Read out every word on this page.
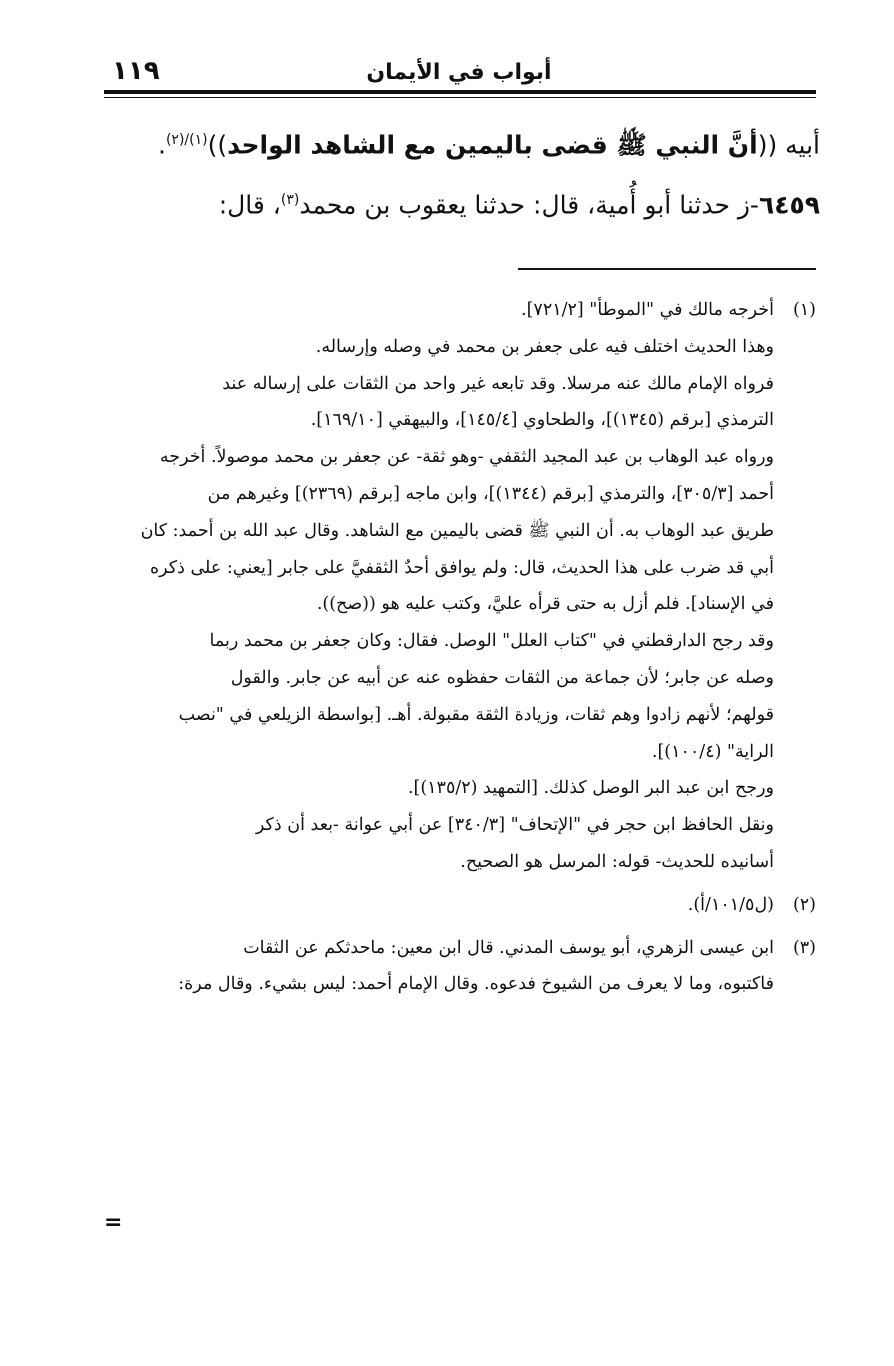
١١٩	أبواب في الأيمان

أبيه ((أنَّ النبي ﷺ قضى باليمين مع الشاهد الواحد))$^{(١)/(٢)}$.

٦٤٥٩-ز حدثنا أبو أُمية، قال: حدثنا يعقوب بن محمد$^{(٣)}$، قال:

(١)أخرجه مالك في "الموطأ" [٧٢١/٢].
وهذا الحديث اختلف فيه على جعفر بن محمد في وصله وإرساله.
فرواه الإمام مالك عنه مرسلا. وقد تابعه غير واحد من الثقات على إرساله عند
الترمذي [برقم (١٣٤٥)]، والطحاوي [١٤٥/٤]، والبيهقي [١٦٩/١٠].
ورواه عبد الوهاب بن عبد المجيد الثقفي -وهو ثقة- عن جعفر بن محمد موصولاً. أخرجه
أحمد [٣٠٥/٣]، والترمذي [برقم (١٣٤٤)]، وابن ماجه [برقم (٢٣٦٩)] وغيرهم من
طريق عبد الوهاب به. أن النبي ﷺ قضى باليمين مع الشاهد. وقال عبد الله بن أحمد: كان
أبي قد ضرب على هذا الحديث، قال: ولم يوافق أحدٌ الثقفيَّ على جابر [يعني: على ذكره
في الإسناد]. فلم أزل به حتى قرأه عليَّ، وكتب عليه هو ((صح)).
وقد رجح الدارقطني في "كتاب العلل" الوصل. فقال: وكان جعفر بن محمد ربما
وصله عن جابر؛ لأن جماعة من الثقات حفظوه عنه عن أبيه عن جابر. والقول
قولهم؛ لأنهم زادوا وهم ثقات، وزيادة الثقة مقبولة. أهـ. [بواسطة الزيلعي في "نصب
الراية" (١٠٠/٤)].
ورجح ابن عبد البر الوصل كذلك. [التمهيد (١٣٥/٢)].
ونقل الحافظ ابن حجر في "الإتحاف" [٣٤٠/٣] عن أبي عوانة -بعد أن ذكر
أسانيده للحديث- قوله: المرسل هو الصحيح.
(٢)(ل١٠١/٥/أ).
(٣)ابن عيسى الزهري، أبو يوسف المدني. قال ابن معين: ماحدثكم عن الثقات
فاكتبوه، وما لا يعرف من الشيوخ فدعوه. وقال الإمام أحمد: ليس بشيء. وقال مرة:
=
